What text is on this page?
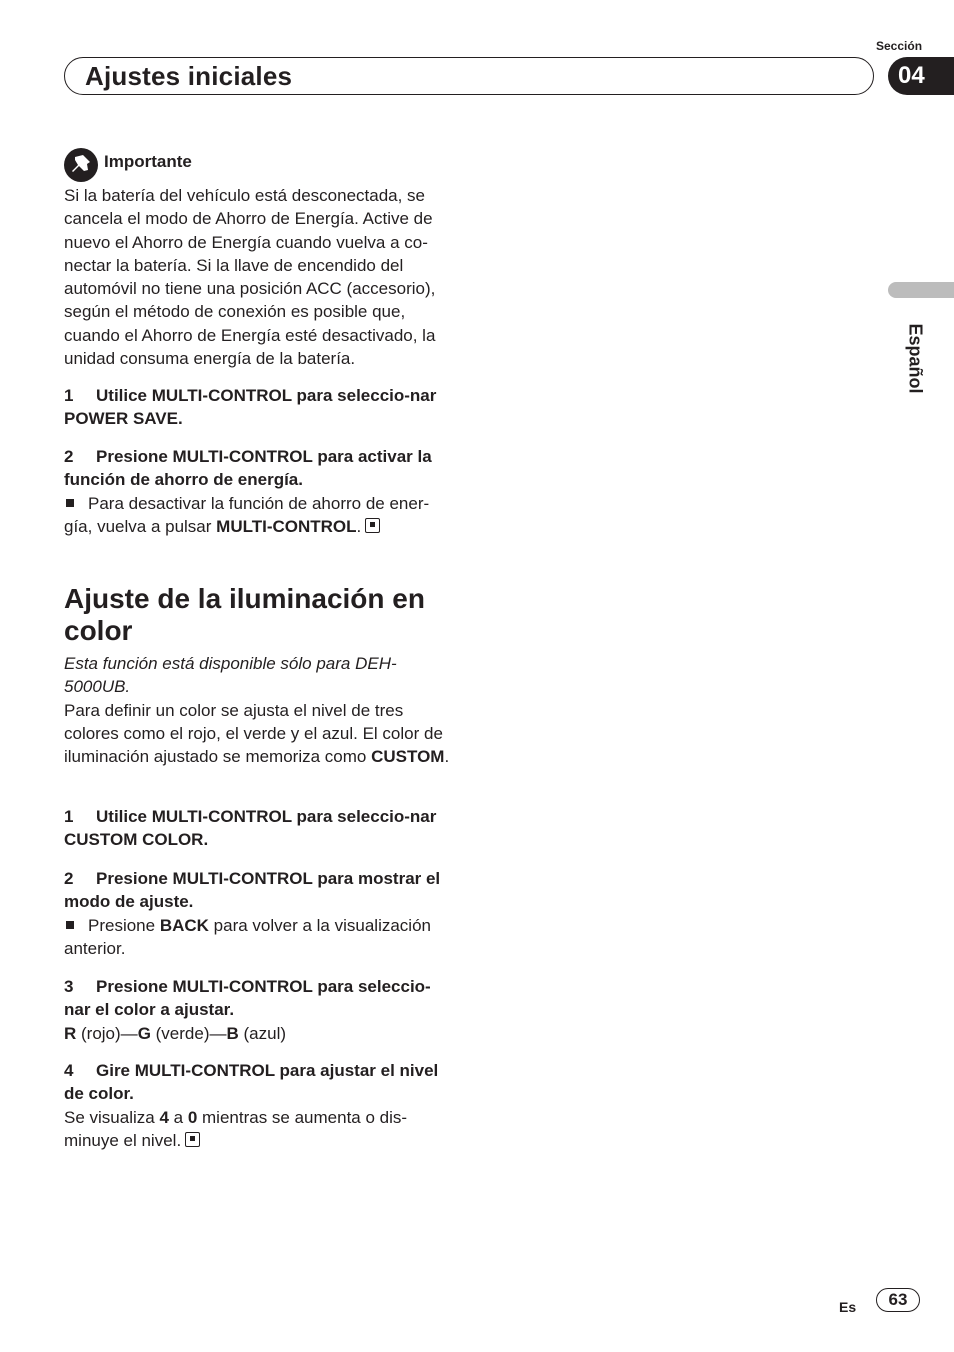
Sección
Ajustes iniciales	04
Español
Importante

Si la batería del vehículo está desconectada, se cancela el modo de Ahorro de Energía. Active de nuevo el Ahorro de Energía cuando vuelva a co-nectar la batería. Si la llave de encendido del automóvil no tiene una posición ACC (accesorio), según el método de conexión es posible que, cuando el Ahorro de Energía esté desactivado, la unidad consuma energía de la batería.

1 Utilice MULTI-CONTROL para seleccio-nar POWER SAVE.

2 Presione MULTI-CONTROL para activar la función de ahorro de energía.

Para desactivar la función de ahorro de ener-gía, vuelva a pulsar MULTI-CONTROL.

Ajuste de la iluminación en color

Esta función está disponible sólo para DEH-5000UB.

Para definir un color se ajusta el nivel de tres colores como el rojo, el verde y el azul. El color de iluminación ajustado se memoriza como CUSTOM.

1 Utilice MULTI-CONTROL para seleccio-nar CUSTOM COLOR.

2 Presione MULTI-CONTROL para mostrar el modo de ajuste.

Presione BACK para volver a la visualización anterior.

3 Presione MULTI-CONTROL para seleccio-nar el color a ajustar.

R (rojo)—G (verde)—B (azul)

4 Gire MULTI-CONTROL para ajustar el nivel de color.

Se visualiza 4 a 0 mientras se aumenta o dis-minuye el nivel.

Es	63
